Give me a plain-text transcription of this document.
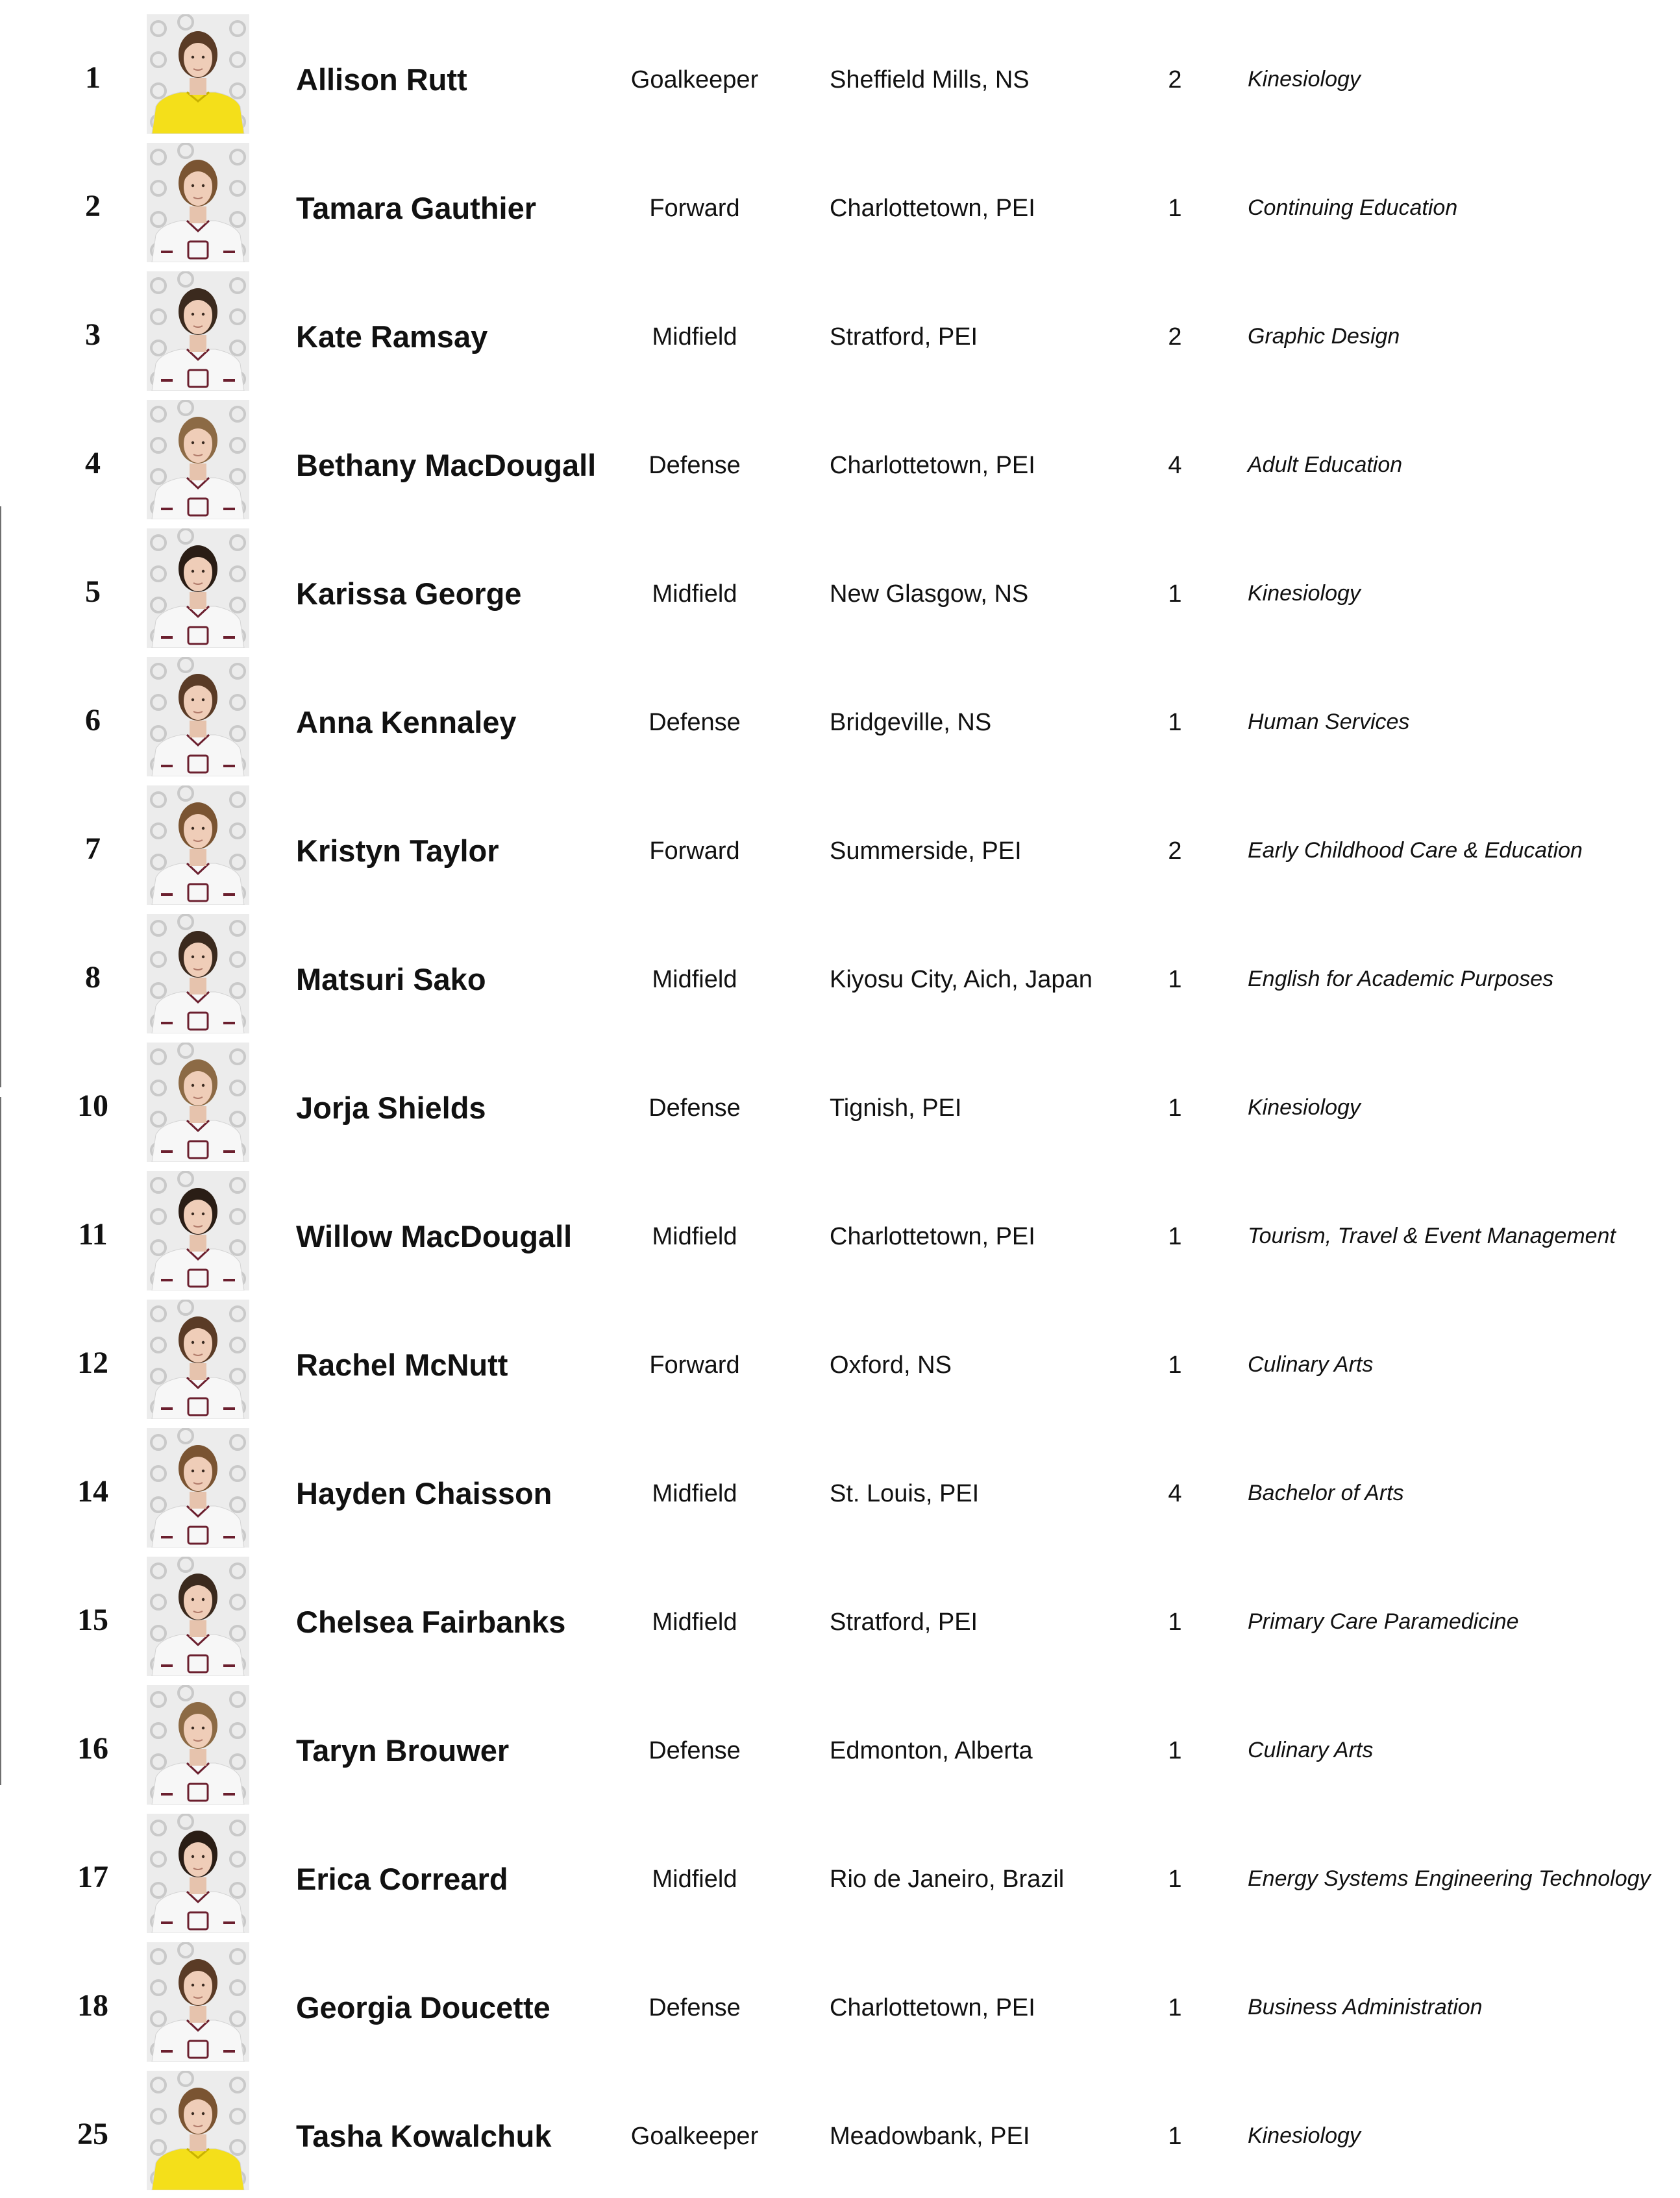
1	Allison Rutt	Goalkeeper	Sheffield Mills, NS	2	Kinesiology
2	Tamara Gauthier	Forward	Charlottetown, PEI	1	Continuing Education
3	Kate Ramsay	Midfield	Stratford, PEI	2	Graphic Design
4	Bethany MacDougall	Defense	Charlottetown, PEI	4	Adult Education
5	Karissa George	Midfield	New Glasgow, NS	1	Kinesiology
6	Anna Kennaley	Defense	Bridgeville, NS	1	Human Services
7	Kristyn Taylor	Forward	Summerside, PEI	2	Early Childhood Care & Education
8	Matsuri Sako	Midfield	Kiyosu City, Aich, Japan	1	English for Academic Purposes
10	Jorja Shields	Defense	Tignish, PEI	1	Kinesiology
11	Willow MacDougall	Midfield	Charlottetown, PEI	1	Tourism, Travel & Event Management
12	Rachel McNutt	Forward	Oxford, NS	1	Culinary Arts
14	Hayden Chaisson	Midfield	St. Louis, PEI	4	Bachelor of Arts
15	Chelsea Fairbanks	Midfield	Stratford, PEI	1	Primary Care Paramedicine
16	Taryn Brouwer	Defense	Edmonton, Alberta	1	Culinary Arts
17	Erica Correard	Midfield	Rio de Janeiro, Brazil	1	Energy Systems Engineering Technology
18	Georgia Doucette	Defense	Charlottetown, PEI	1	Business Administration
25	Tasha Kowalchuk	Goalkeeper	Meadowbank, PEI	1	Kinesiology
